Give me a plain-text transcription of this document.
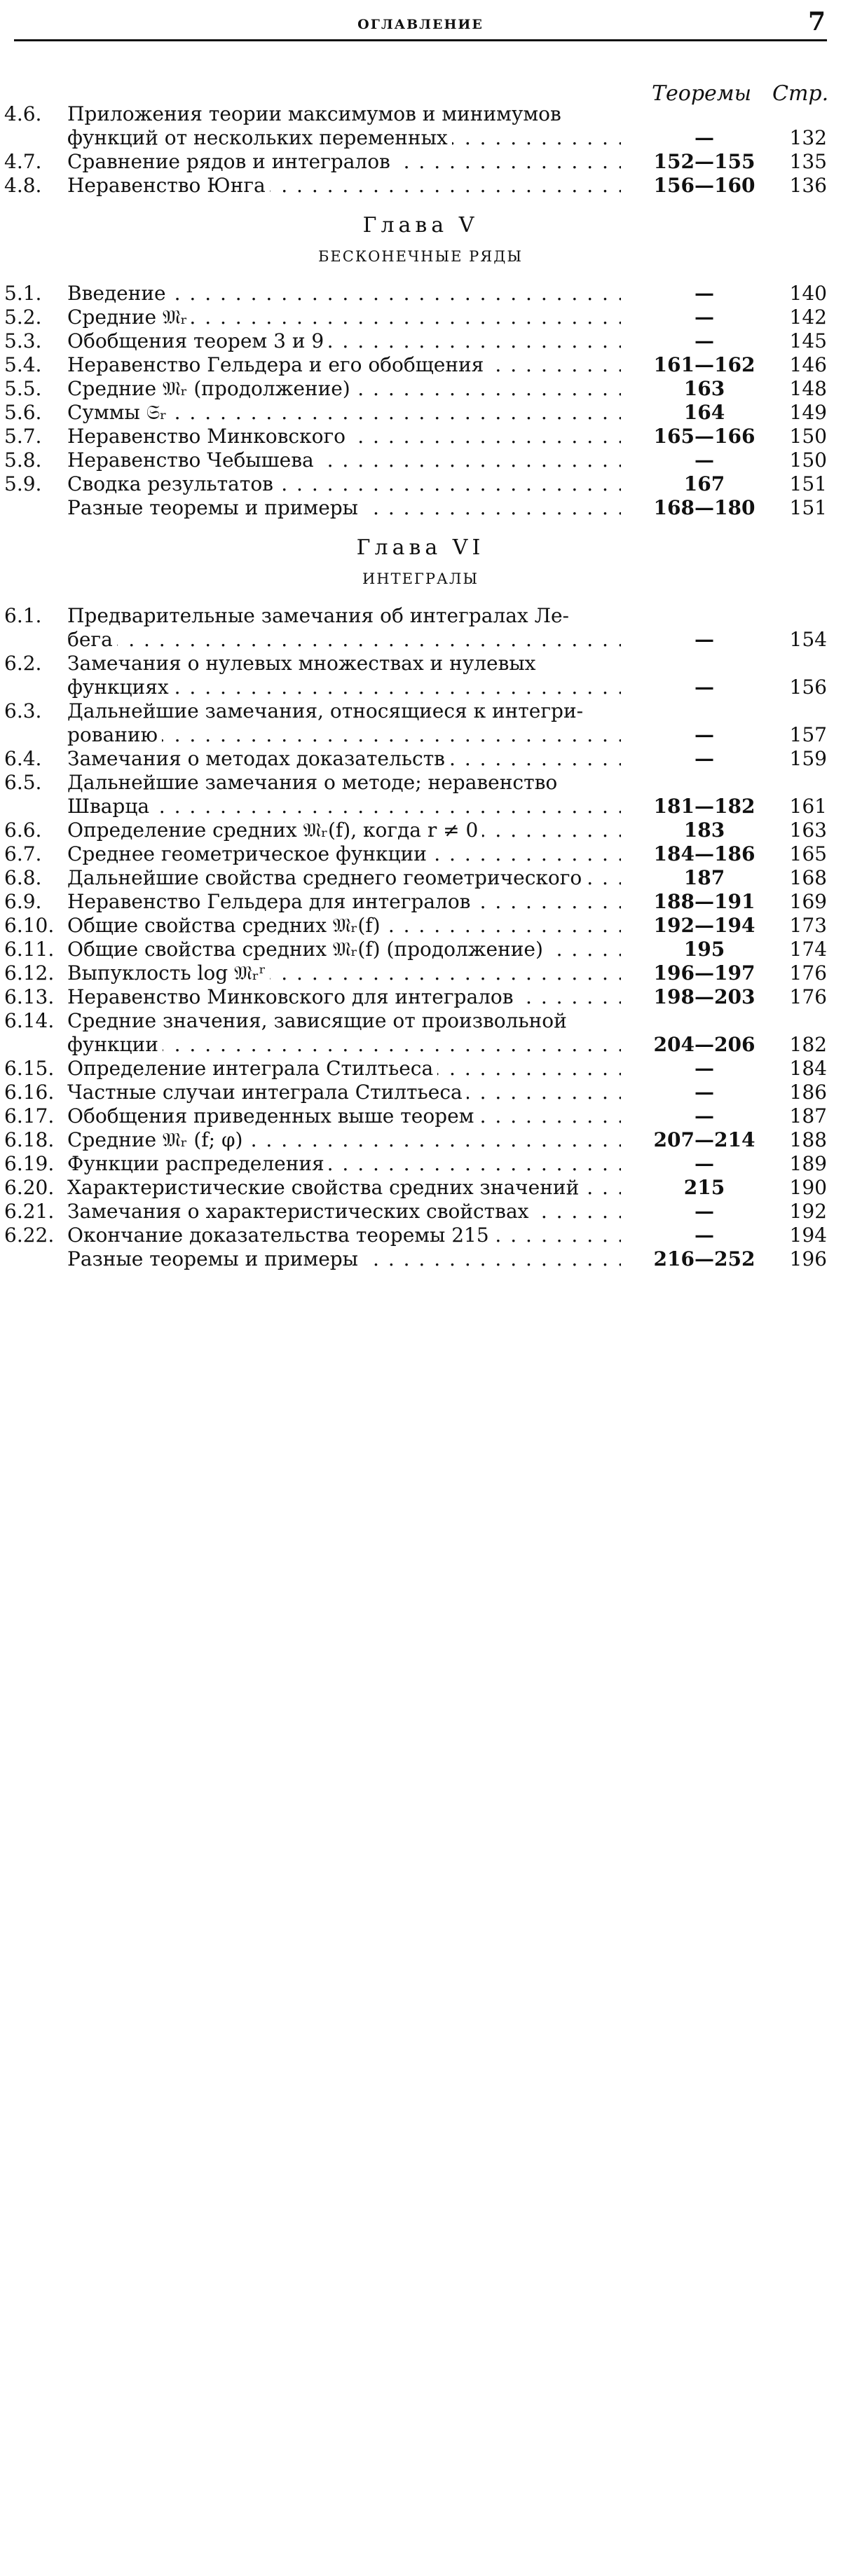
ОГЛАВЛЕНИЕ	7
Теоремы Стр.
4.6. Приложения теории максимумов и минимумов
функций от нескольких переменных . . .	—	132
4.7. Сравнение рядов и интегралов . . .	152—155	135
4.8. Неравенство Юнга . . .	156—160	136
Глава V
БЕСКОНЕЧНЫЕ РЯДЫ
5.1. Введение . . .	—	140
5.2. Средние 𝔐ᵣ . . .	—	142
5.3. Обобщения теорем 3 и 9 . . .	—	145
5.4. Неравенство Гельдера и его обобщения . . .	161—162	146
5.5. Средние 𝔐ᵣ (продолжение) . . .	163	148
5.6. Суммы 𝔖ᵣ . . .	164	149
5.7. Неравенство Минковского . . .	165—166	150
5.8. Неравенство Чебышева . . .	—	150
5.9. Сводка результатов . . .	167	151
Разные теоремы и примеры . . .	168—180	151
Глава VI
ИНТЕГРАЛЫ
6.1. Предварительные замечания об интегралах Ле-
бега . . .	—	154
6.2. Замечания о нулевых множествах и нулевых
функциях . . .	—	156
6.3. Дальнейшие замечания, относящиеся к интегри-
рованию . . .	—	157
6.4. Замечания о методах доказательств . . .	—	159
6.5. Дальнейшие замечания о методе; неравенство
Шварца . . .	181—182	161
6.6. Определение средних 𝔐ᵣ(f), когда r ≠ 0 . . .	183	163
6.7. Среднее геометрическое функции . . .	184—186	165
6.8. Дальнейшие свойства среднего геометрического . . .	187	168
6.9. Неравенство Гельдера для интегралов . . .	188—191	169
6.10. Общие свойства средних 𝔐ᵣ(f) . . .	192—194	173
6.11. Общие свойства средних 𝔐ᵣ(f) (продолжение) . . .	195	174
6.12. Выпуклость log 𝔐ᵣʳ . . .	196—197	176
6.13. Неравенство Минковского для интегралов . . .	198—203	176
6.14. Средние значения, зависящие от произвольной
функции . . .	204—206	182
6.15. Определение интеграла Стилтьеса . . .	—	184
6.16. Частные случаи интеграла Стилтьеса . . .	—	186
6.17. Обобщения приведенных выше теорем . . .	—	187
6.18. Средние 𝔐ᵣ (f; φ) . . .	207—214	188
6.19. Функции распределения . . .	—	189
6.20. Характеристические свойства средних значений . . .	215	190
6.21. Замечания о характеристических свойствах . . .	—	192
6.22. Окончание доказательства теоремы 215 . . .	—	194
Разные теоремы и примеры . . .	216—252	196
